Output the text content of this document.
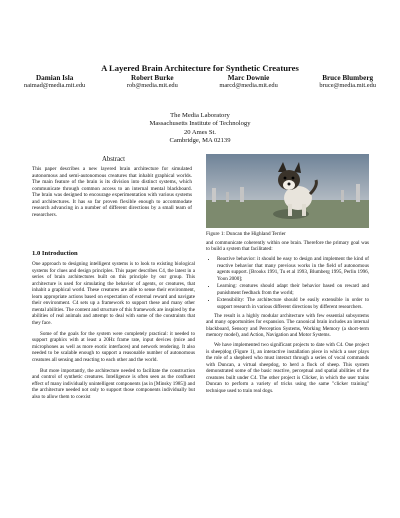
A Layered Brain Architecture for Synthetic Creatures
Damian Isla
naimad@media.mit.edu
Robert Burke
rob@media.mit.edu
Marc Downie
marcd@media.mit.edu
Bruce Blumberg
bruce@media.mit.edu
The Media Laboratory
Massachusetts Institute of Technology
20 Ames St.
Cambridge, MA 02139
Abstract
This paper describes a new layered brain architecture for simulated autonomous and semi-autonomous creatures that inhabit graphical worlds. The main feature of the brain is its division into distinct systems, which communicate through common access to an internal mental blackboard. The brain was designed to encourage experimentation with various systems and architectures. It has so far proven flexible enough to accommodate research advancing in a number of different directions by a small team of researchers.
1.0 Introduction

One approach to designing intelligent systems is to look to existing biological systems for clues and design principles. This paper describes C4, the latest in a series of brain architectures built on this principle by our group. This architecture is used for simulating the behavior of agents, or creatures, that inhabit a graphical world. These creatures are able to sense their environment, learn appropriate actions based on expectation of external reward and navigate their environment. C4 sets up a framework to support these and many other mental abilities. The content and structure of this framework are inspired by the abilities of real animals and attempt to deal with some of the constraints that they face.

Some of the goals for the system were completely practical: it needed to support graphics with at least a 20Hz frame rate, input devices (mice and microphones as well as more exotic interfaces) and network rendering. It also needed to be scalable enough to support a reasonable number of autonomous creatures all sensing and reacting to each other and the world.

But more importantly, the architecture needed to facilitate the construction and control of synthetic creatures. Intelligence is often seen as the confluent effect of many individually unintelligent components (as in [Minsky 1985]) and the architecture needed not only to support those components individually but also to allow them to coexist

Figure 1: Duncan the Highland Terrier

and communicate coherently within one brain. Therefore the primary goal was to build a system that facilitated:

• Reactive behavior: it should be easy to design and implement the kind of reactive behavior that many previous works in the field of autonomous agents support. [Brooks 1991, Tu et al 1993, Blumberg 1995, Perlin 1996, Yoon 2000];
• Learning: creatures should adapt their behavior based on reward and punishment feedback from the world;
• Extensibility: The architecture should be easily extensible in order to support research in various different directions by different researchers.

The result is a highly modular architecture with few essential subsystems and many opportunities for expansion. The canonical brain includes an internal blackboard, Sensory and Perception Systems, Working Memory (a short-term memory model), and Action, Navigation and Motor Systems.

We have implemented two significant projects to date with C4. One project is sheep|dog (Figure 1), an interactive installation piece in which a user plays the role of a shepherd who must interact through a series of vocal commands with Duncan, a virtual sheepdog, to herd a flock of sheep. This system demonstrated some of the basic reactive, perceptual and spatial abilities of the creatures built under C4. The other project is Clicker, in which the user trains Duncan to perform a variety of tricks using the same "clicker training" technique used to train real dogs.
